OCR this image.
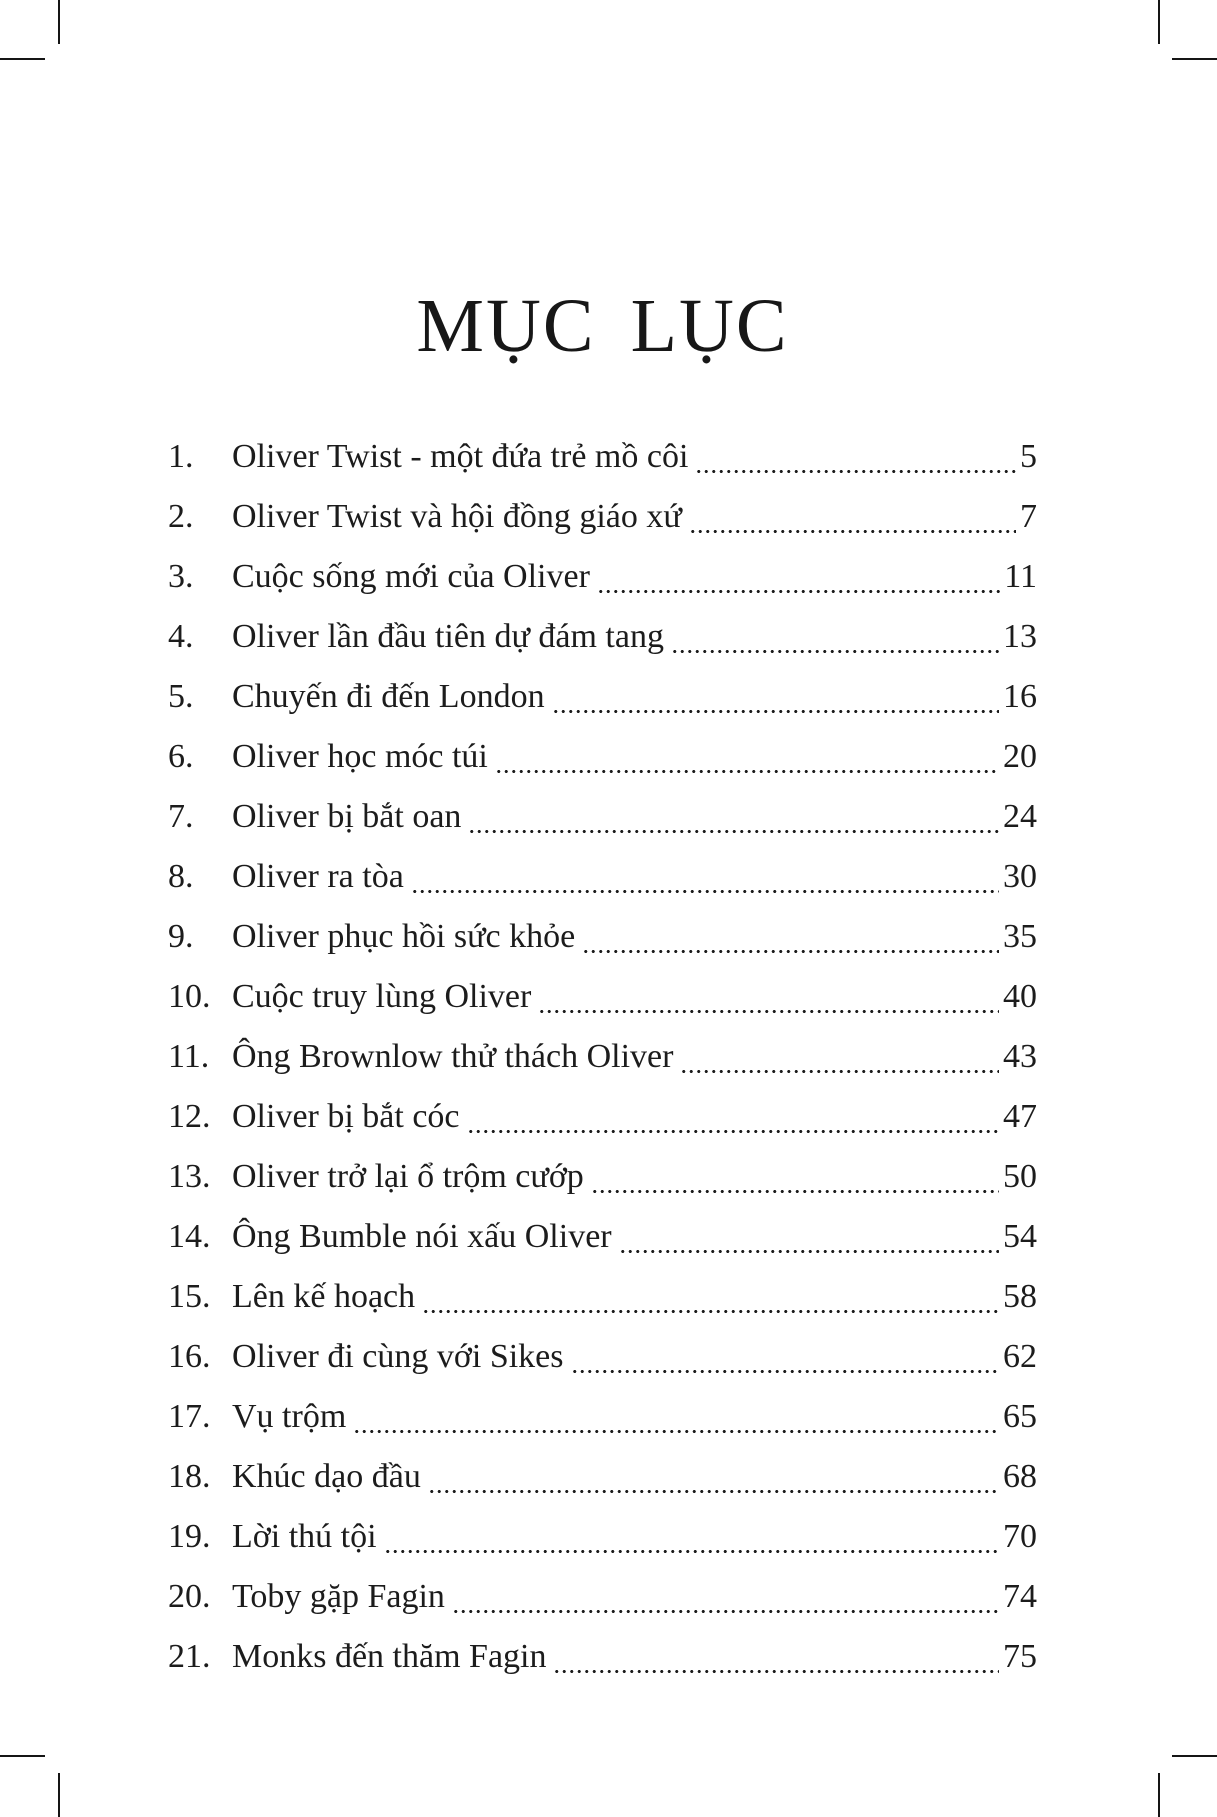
MỤC LỤC
1.	Oliver Twist - một đứa trẻ mồ côi	5
2.	Oliver Twist và hội đồng giáo xứ	7
3.	Cuộc sống mới của Oliver	11
4.	Oliver lần đầu tiên dự đám tang	13
5.	Chuyến đi đến London	16
6.	Oliver học móc túi	20
7.	Oliver bị bắt oan	24
8.	Oliver ra tòa	30
9.	Oliver phục hồi sức khỏe	35
10. Cuộc truy lùng Oliver	40
11. Ông Brownlow thử thách Oliver	43
12. Oliver bị bắt cóc	47
13. Oliver trở lại ổ trộm cướp	50
14. Ông Bumble nói xấu Oliver	54
15. Lên kế hoạch	58
16. Oliver đi cùng với Sikes	62
17. Vụ trộm	65
18. Khúc dạo đầu	68
19. Lời thú tội	70
20. Toby gặp Fagin	74
21. Monks đến thăm Fagin	75
